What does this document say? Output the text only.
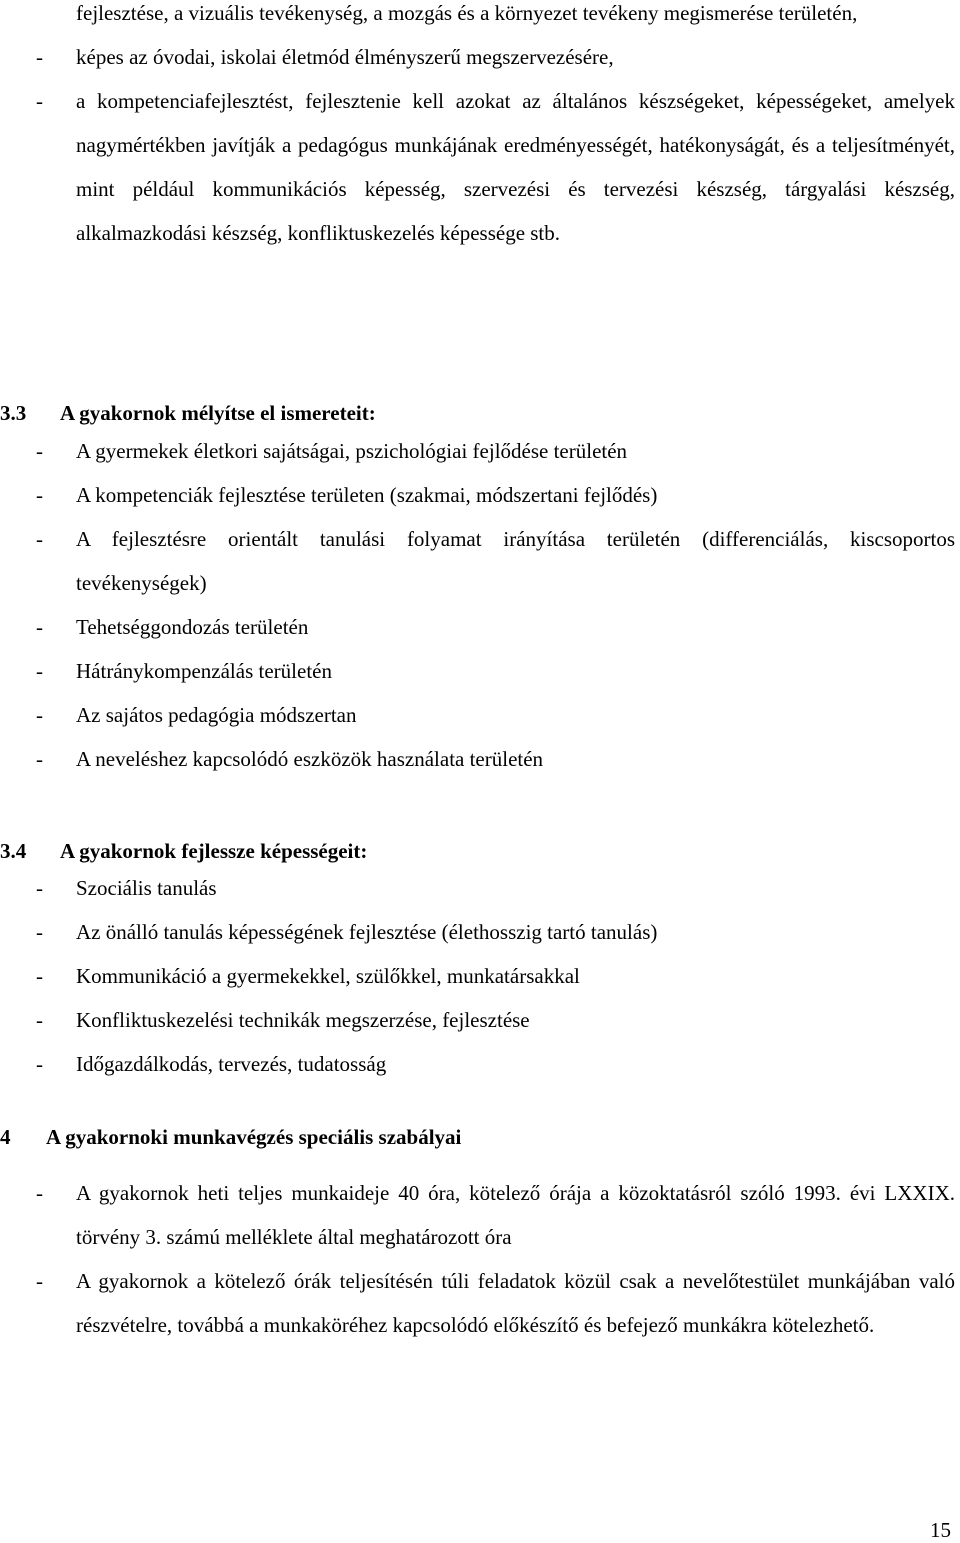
fejlesztése, a vizuális tevékenység, a mozgás és a környezet tevékeny megismerése területén,
- képes az óvodai, iskolai életmód élményszerű megszervezésére,
- a kompetenciafejlesztést, fejlesztenie kell azokat az általános készségeket, képességeket, amelyek nagymértékben javítják a pedagógus munkájának eredményességét, hatékonyságát, és a teljesítményét, mint például kommunikációs képesség, szervezési és tervezési készség, tárgyalási készség, alkalmazkodási készség, konfliktuskezelés képessége stb.
3.3 A gyakornok mélyítse el ismereteit:
- A gyermekek életkori sajátságai, pszichológiai fejlődése területén
- A kompetenciák fejlesztése területen (szakmai, módszertani fejlődés)
- A fejlesztésre orientált tanulási folyamat irányítása területén (differenciálás, kiscsoportos tevékenységek)
- Tehetséggondozás területén
- Hátránykompenzálás területén
- Az sajátos pedagógia módszertan
- A neveléshez kapcsolódó eszközök használata területén
3.4 A gyakornok fejlessze képességeit:
- Szociális tanulás
- Az önálló tanulás képességének fejlesztése (élethosszig tartó tanulás)
- Kommunikáció a gyermekekkel, szülőkkel, munkatársakkal
- Konfliktuskezelési technikák megszerzése, fejlesztése
- Időgazdálkodás, tervezés, tudatosság
4 A gyakornoki munkavégzés speciális szabályai
- A gyakornok heti teljes munkaideje 40 óra, kötelező órája a közoktatásról szóló 1993. évi LXXIX. törvény 3. számú melléklete által meghatározott óra
- A gyakornok a kötelező órák teljesítésén túli feladatok közül csak a nevelőtestület munkájában való részvételre, továbbá a munkaköréhez kapcsolódó előkészítő és befejező munkákra kötelezhető.
15
